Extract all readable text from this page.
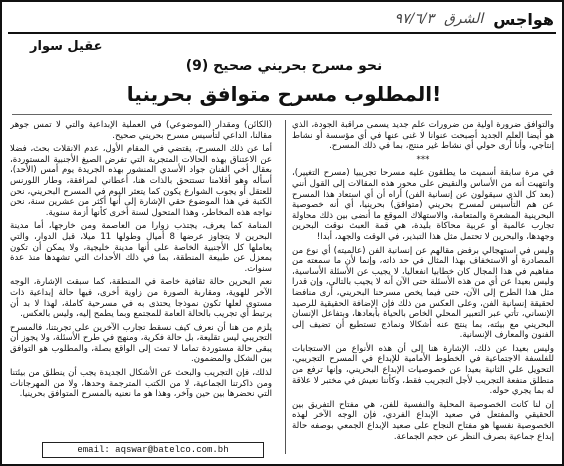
هواجس
الشرق
٩٧/٦/٣
عقيل سوار
نحو مسرح بحريني صحيح (9)
المطلوب مسرح متوافق بحرينيا!

والتوافق ضرورة أولية من ضرورات علم جديد يسمى مراقبة الجودة، الذي هو أيضا العلم الجديد أصبحت عنوانا لا غنى عنها في أي مؤسسة أو نشاط إنتاجي، وأنا أرى حولي أي نشاط غير منتج، بما في ذلك المسرح.

***

في مرة سابقة أسميت ما يطلقون عليه مسرحا تجريبيا (مسرح التغيير)، وانتهيت أنه من الأساس والنقيض على محور هذه المقالات إلى القول أنني (بعد كل الذي سيقولون عن إنسانية الفن) أراه أن أي استعاد هذا المسرح عن هم التأسيس لمسرح بحريني (متوافق) بحرينيا، أي أنه خصوصية البحرينية المشعرة والمتعامة، والاستهلاك الموقع ما أنضى بين ذلك محاولة تجارب عالمية أو عربية محاكاة بليدة، هي قمة العبث نوقت البحرين وجهدها، والبحرين لا تحتمل مثل هذا التبذير، في الوقت والجهد، أبدا!

وليس في استهجالي برفض مقالهم عن إنسانية الفن (عالميته) أي نوع من المصادرة أو الاستخفاف بهذا المثال في حد ذاته، وإنما لأن ما سمعته من مفاهيم في هذا المجال كان خطابيا انفعاليا، لا يجيب عن الأسئلة الأساسية، وليس بعيدا عن أي من هذه الأسئلة حتى الآن أنه لا يجيب بالتالي، وإن قدرا مثل هذا الطرح إلى الآن، حتى فيما يخص مسرحنا البحريني، أرى منافضا لحقيقة إنسانية الفن، وعلى العكس من ذلك فإن الإضافة الحقيقية للرصيد الإنساني، تأتي عبر التعبير المحلي الخاص بالحياة بأبعادها، وبتفاعل الإنسان البحريني مع بيئته، بما ينتج عنه أشكالا ونماذج تستطيع أن تضيف إلى الفنون والمعارف الإنسانية.

وليس بعيدا عن ذلك، الإشارة هنا إلى أن هذه الأنواع من الاستجابات للفلسفة الاجتماعية في الخطوط الأمامية للإبداع في المسرح التجريبي، التحويل علي الثانية بعيدا عن خصوصيات الإبداع البحريني، وإنها ترفع من منطلق منفعة التجريب لأجل التجريب فقط، وكأننا نعيش في مختبر لا علاقة له بما يجري حوله.

إن لنا كانت الخصوصية المحلية والنفسية للفن، هي مفتاح التفريق بين الحقيقي والمفتعل في صعيد الإبداع الفردي، فإن الوجه الآخر لهذه الخصوصية نفسها هو مفتاح النجاح على صعيد الإبداع الجمعي بوصفه حالة إبداع جماعية بصرف النظر عن حجم الجماعة.

(الكائن) ومقدار (الموضوعي) في العملية الإبداعية والتي لا تمس جوهر مقالنا، الداعي لتأسيس مسرح بحريني صحيح.

أما عن ذلك المسرح، يقتضي في المقام الأول، عدم الانقلات بحث، فضلا عن الاعتناق بهذه الحالات المتجربة التي تفرض الصيغ الأجنبية المستوردة، بعقال أخي الفنان جواد الأسدي المنشور بهذه الجريدة يوم أمس (الأحد)، أسأله وهو أقلامنا تستتحق بالذات هنا، أعطاني لمرافقة، وطار اللورنس للعتقل أو يجوب الشوارع يكون كما يتعثر اليوم في المسرح البحريني، نحن الكتبة في هذا الموضوع حقي الإشارة إلى أنها أكثر من عشرين سنة، نحن نواجه هذه المخاطر، وهذا المتحول لسنة أخرى كأنها أزمة سنوية.

المنامة كما يعرف، يجتذب زوارا من العاصمة ومن خارجها، أما مدينة البحرين لا يتجاوز عرضها 8 أميال وطولها 11 ميلا، قبل الدوار، والتي يعاملها كل الأجنبية الخاصة على أنها مدينة خليجية، ولا يمكن أن تكون بمعزل عن طبيعة المنطقة، بما في ذلك الأحداث التي تشهدها منذ عدة سنوات.

نعم البحرين حالة ثقافية خاصة في المنطقة، كما سبقت الإشارة، الوجه الآخر للهوية، ومقاربة الصورة من زاوية أخرى، فيها حالة إبداعية ذات مستوى لعلها تكون نموذجا يحتذى به في مسرحية كاملة، لهذا لا بد أن يرتبط أي تجريب بالحالة العامة للمجتمع وبما يطمح إليه، وليس بالعكس.

يلزم من هنا أن نعرف كيف نسقط تجارب الآخرين على تجربتنا، فالمسرح التجريبي ليس تقليعة، بل حالة فكرية، ومنهج في طرح الأسئلة، ولا يجوز أن يبقى حالة مستوردة تماما لا تمت إلى الواقع بصلة، والمطلوب هو التوافق بين الشكل والمضمون.

لذلك، فإن التجريب والبحث عن الأشكال الجديدة يجب أن ينطلق من بيئتنا ومن ذاكرتنا الجماعية، لا من الكتب المترجمة وحدها، ولا من المهرجانات التي نحضرها بين حين وآخر، وهذا هو ما نعنيه بالمسرح المتوافق بحرينيا.

email: aqswar@batelco.com.bh
